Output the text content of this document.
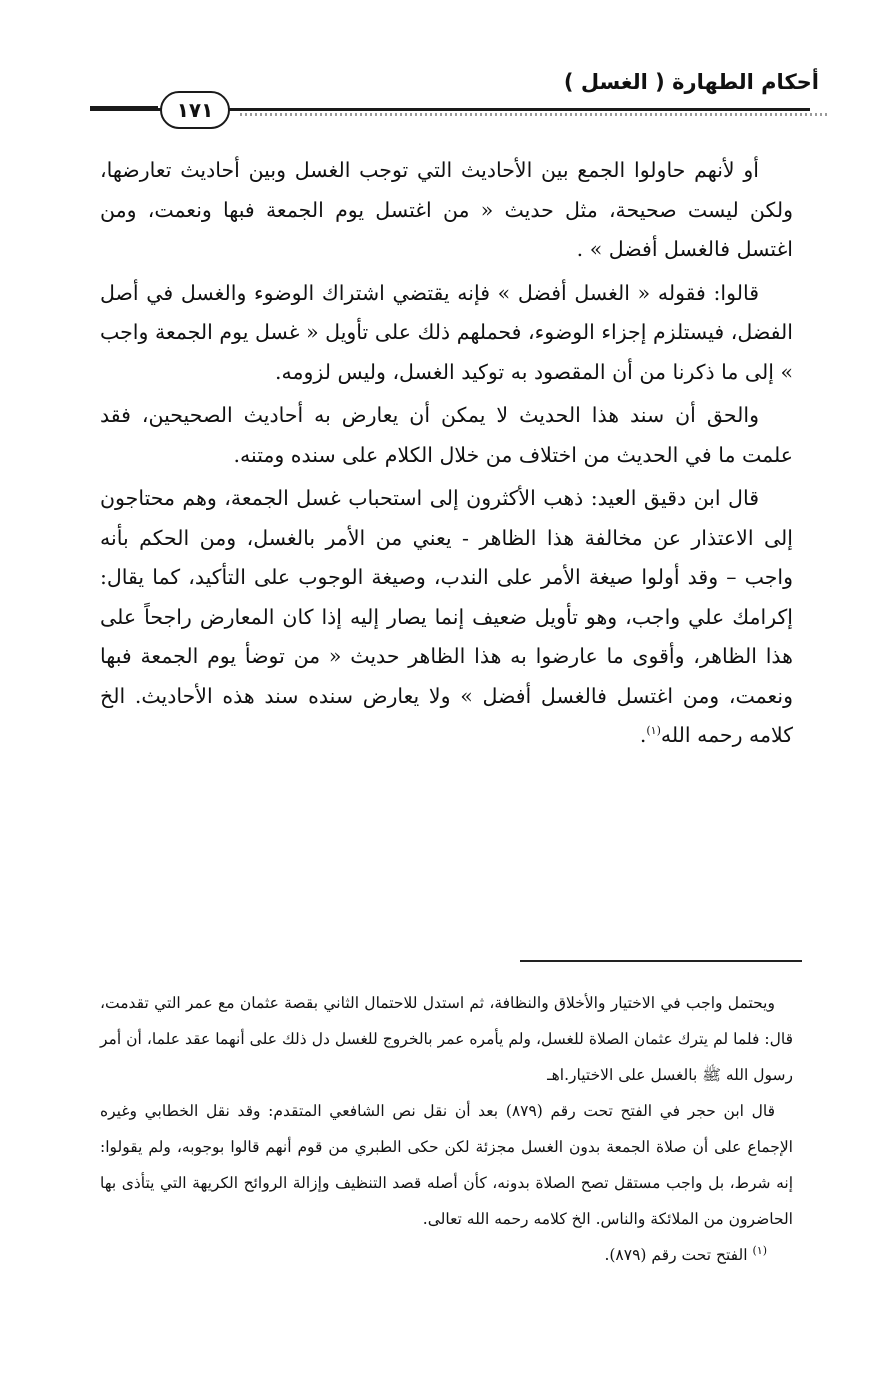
أحكام الطهارة ( الغسل )
١٧١

أو لأنهم حاولوا الجمع بين الأحاديث التي توجب الغسل وبين أحاديث تعارضها، ولكن ليست صحيحة، مثل حديث « من اغتسل يوم الجمعة فبها ونعمت، ومن اغتسل فالغسل أفضل » .

قالوا: فقوله « الغسل أفضل » فإنه يقتضي اشتراك الوضوء والغسل في أصل الفضل، فيستلزم إجزاء الوضوء، فحملهم ذلك على تأويل « غسل يوم الجمعة واجب » إلى ما ذكرنا من أن المقصود به توكيد الغسل، وليس لزومه.

والحق أن سند هذا الحديث لا يمكن أن يعارض به أحاديث الصحيحين، فقد علمت ما في الحديث من اختلاف من خلال الكلام على سنده ومتنه.

قال ابن دقيق العيد: ذهب الأكثرون إلى استحباب غسل الجمعة، وهم محتاجون إلى الاعتذار عن مخالفة هذا الظاهر - يعني من الأمر بالغسل، ومن الحكم بأنه واجب – وقد أولوا صيغة الأمر على الندب، وصيغة الوجوب على التأكيد، كما يقال: إكرامك علي واجب، وهو تأويل ضعيف إنما يصار إليه إذا كان المعارض راجحاً على هذا الظاهر، وأقوى ما عارضوا به هذا الظاهر حديث « من توضأ يوم الجمعة فبها ونعمت، ومن اغتسل فالغسل أفضل » ولا يعارض سنده سند هذه الأحاديث. الخ كلامه رحمه الله$^{(١)}$.

ويحتمل واجب في الاختيار والأخلاق والنظافة، ثم استدل للاحتمال الثاني بقصة عثمان مع عمر التي تقدمت، قال: فلما لم يترك عثمان الصلاة للغسل، ولم يأمره عمر بالخروج للغسل دل ذلك على أنهما عقد علما، أن أمر رسول الله ﷺ بالغسل على الاختيار.اهـ

قال ابن حجر في الفتح تحت رقم (٨٧٩) بعد أن نقل نص الشافعي المتقدم: وقد نقل الخطابي وغيره الإجماع على أن صلاة الجمعة بدون الغسل مجزئة لكن حكى الطبري من قوم أنهم قالوا بوجوبه، ولم يقولوا: إنه شرط، بل واجب مستقل تصح الصلاة بدونه، كأن أصله قصد التنظيف وإزالة الروائح الكريهة التي يتأذى بها الحاضرون من الملائكة والناس. الخ كلامه رحمه الله تعالى.

$^{(١)}$ الفتح تحت رقم (٨٧٩).
